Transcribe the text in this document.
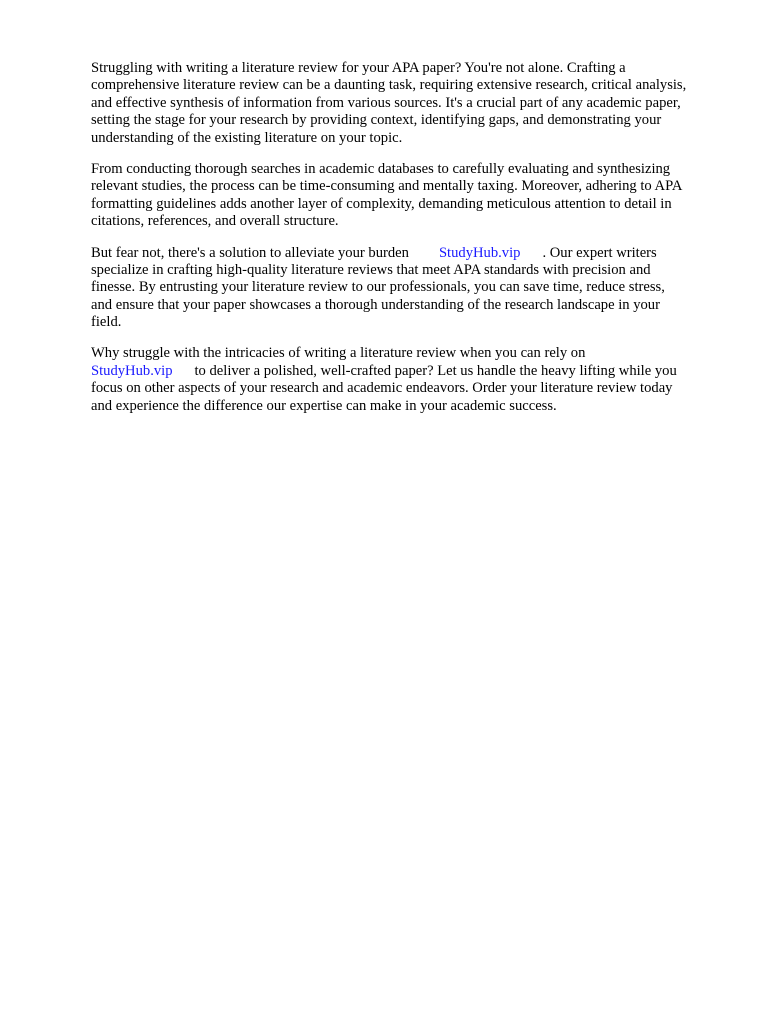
Struggling with writing a literature review for your APA paper? You're not alone. Crafting a
comprehensive literature review can be a daunting task, requiring extensive research, critical analysis,
and effective synthesis of information from various sources. It's a crucial part of any academic paper,
setting the stage for your research by providing context, identifying gaps, and demonstrating your
understanding of the existing literature on your topic.

From conducting thorough searches in academic databases to carefully evaluating and synthesizing
relevant studies, the process can be time-consuming and mentally taxing. Moreover, adhering to APA
formatting guidelines adds another layer of complexity, demanding meticulous attention to detail in
citations, references, and overall structure.

But fear not, there's a solution to alleviate your burden StudyHub.vip . Our expert writers
specialize in crafting high-quality literature reviews that meet APA standards with precision and
finesse. By entrusting your literature review to our professionals, you can save time, reduce stress,
and ensure that your paper showcases a thorough understanding of the research landscape in your
field.

Why struggle with the intricacies of writing a literature review when you can rely on
StudyHub.vip to deliver a polished, well-crafted paper? Let us handle the heavy lifting while you
focus on other aspects of your research and academic endeavors. Order your literature review today
and experience the difference our expertise can make in your academic success.
